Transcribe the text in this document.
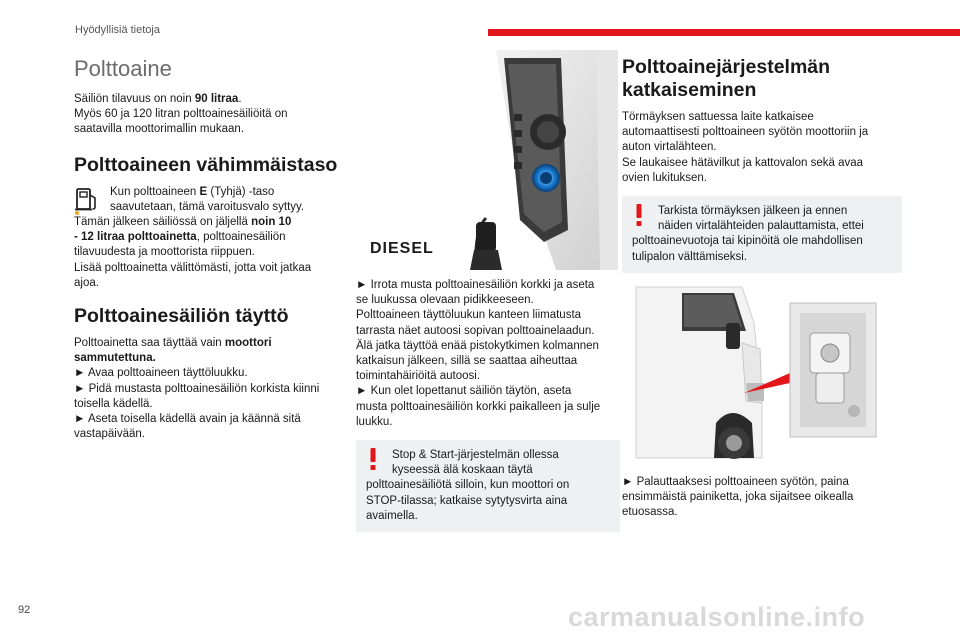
Hyödyllisiä tietoja
Polttoaine

Säiliön tilavuus on noin 90 litraa.

Myös 60 ja 120 litran polttoainesäiliöitä on

saatavilla moottorimallin mukaan.

Polttoaineen vähimmäistaso

Kun polttoaineen E (Tyhjä) -taso

saavutetaan, tämä varoitusvalo syttyy.

Tämän jälkeen säiliössä on jäljellä noin 10

- 12 litraa polttoainetta, polttoainesäiliön

tilavuudesta ja moottorista riippuen.

Lisää polttoainetta välittömästi, jotta voit jatkaa

ajoa.

Polttoainesäiliön täyttö

Polttoainetta saa täyttää vain moottori

sammutettuna.

► Avaa polttoaineen täyttöluukku.

► Pidä mustasta polttoainesäiliön korkista kiinni

toisella kädellä.

► Aseta toisella kädellä avain ja käännä sitä

vastapäivään.

DIESEL

► Irrota musta polttoainesäiliön korkki ja aseta

se luukussa olevaan pidikkeeseen.

Polttoaineen täyttöluukun kanteen liimatusta

tarrasta näet autoosi sopivan polttoainelaadun.

Älä jatka täyttöä enää pistokytkimen kolmannen

katkaisun jälkeen, sillä se saattaa aiheuttaa

toimintahäiriöitä autoosi.

► Kun olet lopettanut säiliön täytön, aseta

musta polttoainesäiliön korkki paikalleen ja sulje

luukku.

Stop & Start-järjestelmän ollessa

kyseessä älä koskaan täytä

polttoainesäiliötä silloin, kun moottori on

STOP-tilassa; katkaise sytytysvirta aina

avaimella.

Polttoainejärjestelmän
katkaiseminen

Törmäyksen sattuessa laite katkaisee

automaattisesti polttoaineen syötön moottoriin ja

auton virtalähteen.

Se laukaisee hätävilkut ja kattovalon sekä avaa

ovien lukituksen.

Tarkista törmäyksen jälkeen ja ennen

näiden virtalähteiden palauttamista, ettei

polttoainevuotoja tai kipinöitä ole mahdollisen

tulipalon välttämiseksi.

► Palauttaaksesi polttoaineen syötön, paina

ensimmäistä painiketta, joka sijaitsee oikealla

etuosassa.

92	carmanualsonline.info
